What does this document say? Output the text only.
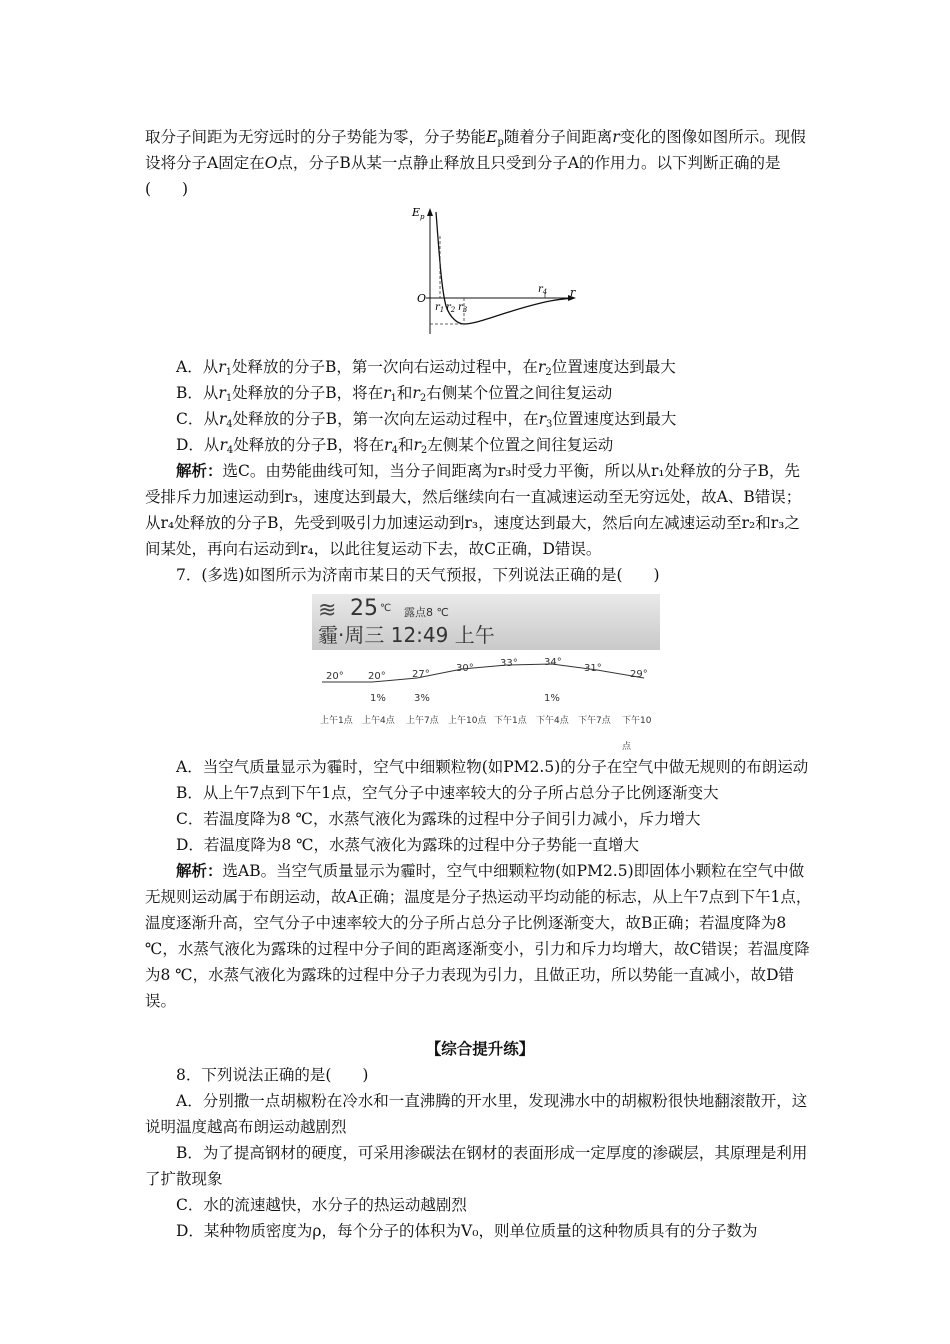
取分子间距为无穷远时的分子势能为零，分子势能$E_p$随着分子间距离r变化的图像如图所示。现假设将分子A固定在O点，分子B从某一点静止释放且只受到分子A的作用力。以下判断正确的是(　　)

$E_p$
O	r
$r_1$ $r_2$ $r_3$
$r_4$

A．从$r_1$处释放的分子B，第一次向右运动过程中，在$r_2$位置速度达到最大

B．从$r_1$处释放的分子B，将在$r_1$和$r_2$右侧某个位置之间往复运动

C．从$r_4$处释放的分子B，第一次向左运动过程中，在$r_3$位置速度达到最大

D．从$r_4$处释放的分子B，将在$r_4$和$r_2$左侧某个位置之间往复运动

解析：选C。由势能曲线可知，当分子间距离为r₃时受力平衡，所以从r₁处释放的分子B，先受排斥力加速运动到r₃，速度达到最大，然后继续向右一直减速运动至无穷远处，故A、B错误；从r₄处释放的分子B，先受到吸引力加速运动到r₃，速度达到最大，然后向左减速运动至r₂和r₃之间某处，再向右运动到r₄，以此往复运动下去，故C正确，D错误。

7．(多选)如图所示为济南市某日的天气预报，下列说法正确的是(　　)

≋ 25 ℃ 露点8 ℃
霾·周三 12:49 上午
20° 20°	27°
30°	33°	34°
31°
29°
1%	3%	1%
上午1点 上午4点 上午7点 上午10点 下午1点 下午4点 下午7点 下午10点

A．当空气质量显示为霾时，空气中细颗粒物(如PM2.5)的分子在空气中做无规则的布朗运动

B．从上午7点到下午1点，空气分子中速率较大的分子所占总分子比例逐渐变大

C．若温度降为8 ℃，水蒸气液化为露珠的过程中分子间引力减小，斥力增大

D．若温度降为8 ℃，水蒸气液化为露珠的过程中分子势能一直增大

解析：选AB。当空气质量显示为霾时，空气中细颗粒物(如PM2.5)即固体小颗粒在空气中做无规则运动属于布朗运动，故A正确；温度是分子热运动平均动能的标志，从上午7点到下午1点，温度逐渐升高，空气分子中速率较大的分子所占总分子比例逐渐变大，故B正确；若温度降为8 ℃，水蒸气液化为露珠的过程中分子间的距离逐渐变小，引力和斥力均增大，故C错误；若温度降为8 ℃，水蒸气液化为露珠的过程中分子力表现为引力，且做正功，所以势能一直减小，故D错误。

【综合提升练】

8．下列说法正确的是(　　)

A．分别撒一点胡椒粉在冷水和一直沸腾的开水里，发现沸水中的胡椒粉很快地翻滚散开，这说明温度越高布朗运动越剧烈

B．为了提高钢材的硬度，可采用渗碳法在钢材的表面形成一定厚度的渗碳层，其原理是利用了扩散现象

C．水的流速越快，水分子的热运动越剧烈

D．某种物质密度为ρ，每个分子的体积为V₀，则单位质量的这种物质具有的分子数为
